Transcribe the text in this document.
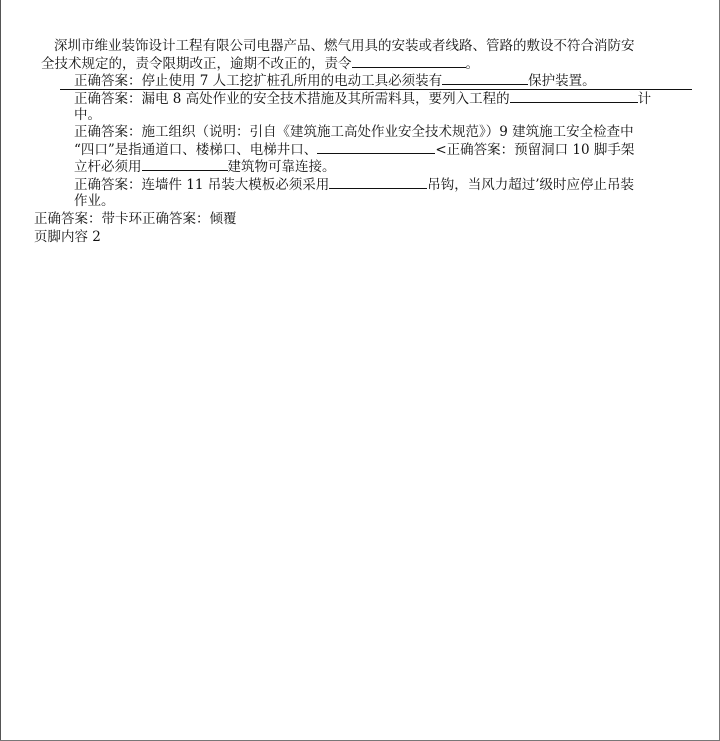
深圳市维业装饰设计工程有限公司电器产品、燃气用具的安装或者线路、管路的敷设不符合消防安
全技术规定的，责令限期改正，逾期不改正的，责令	。
正确答案：停止使用 7 人工挖扩桩孔所用的电动工具必须装有	保护装置。
正确答案：漏电 8 高处作业的安全技术措施及其所需料具，要列入工程的	计
中。
正确答案：施工组织（说明：引自《建筑施工高处作业安全技术规范》）9 建筑施工安全检查中
“四口”是指通道口、楼梯口、电梯井口、	<正确答案：预留洞口 10 脚手架
立杆必须用	建筑物可靠连接。
正确答案：连墙件 11 吊装大模板必须采用	吊钩，当风力超过’级时应停止吊装
作业。
正确答案：带卡环正确答案：倾覆
页脚内容 2
